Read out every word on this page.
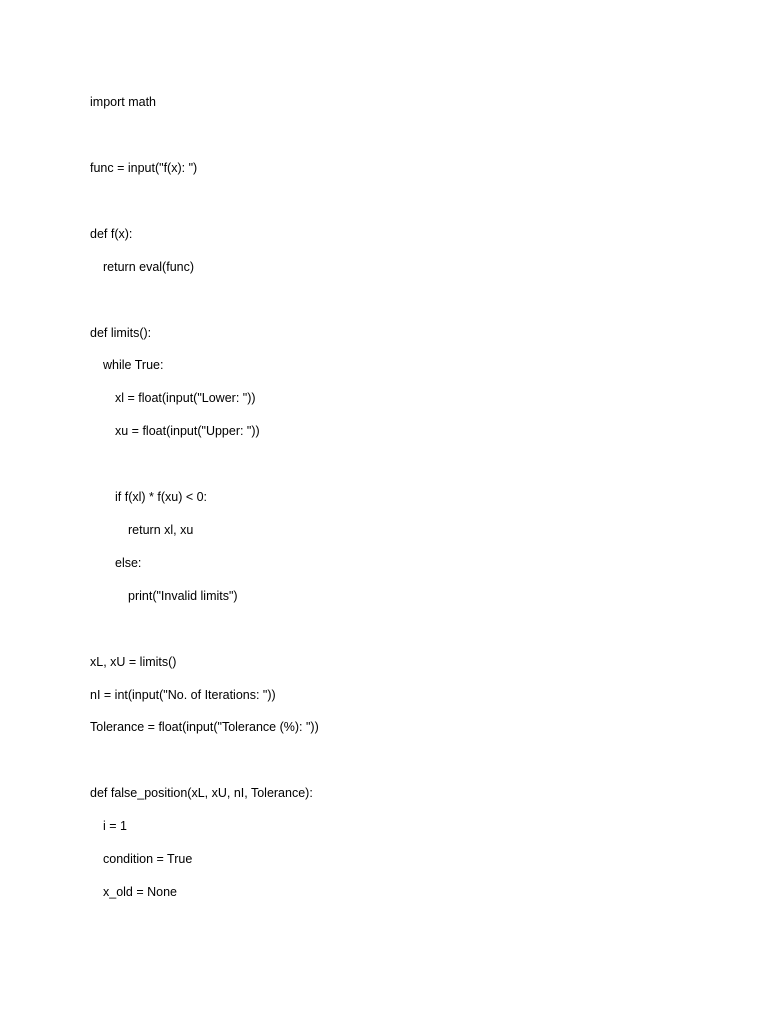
import math
func = input("f(x): ")
def f(x):
return eval(func)
def limits():
while True:
xl = float(input("Lower: "))
xu = float(input("Upper: "))
if f(xl) * f(xu) < 0:
return xl, xu
else:
print("Invalid limits")
xL, xU = limits()
nI = int(input("No. of Iterations: "))
Tolerance = float(input("Tolerance (%): "))
def false_position(xL, xU, nI, Tolerance):
i = 1
condition = True
x_old = None
